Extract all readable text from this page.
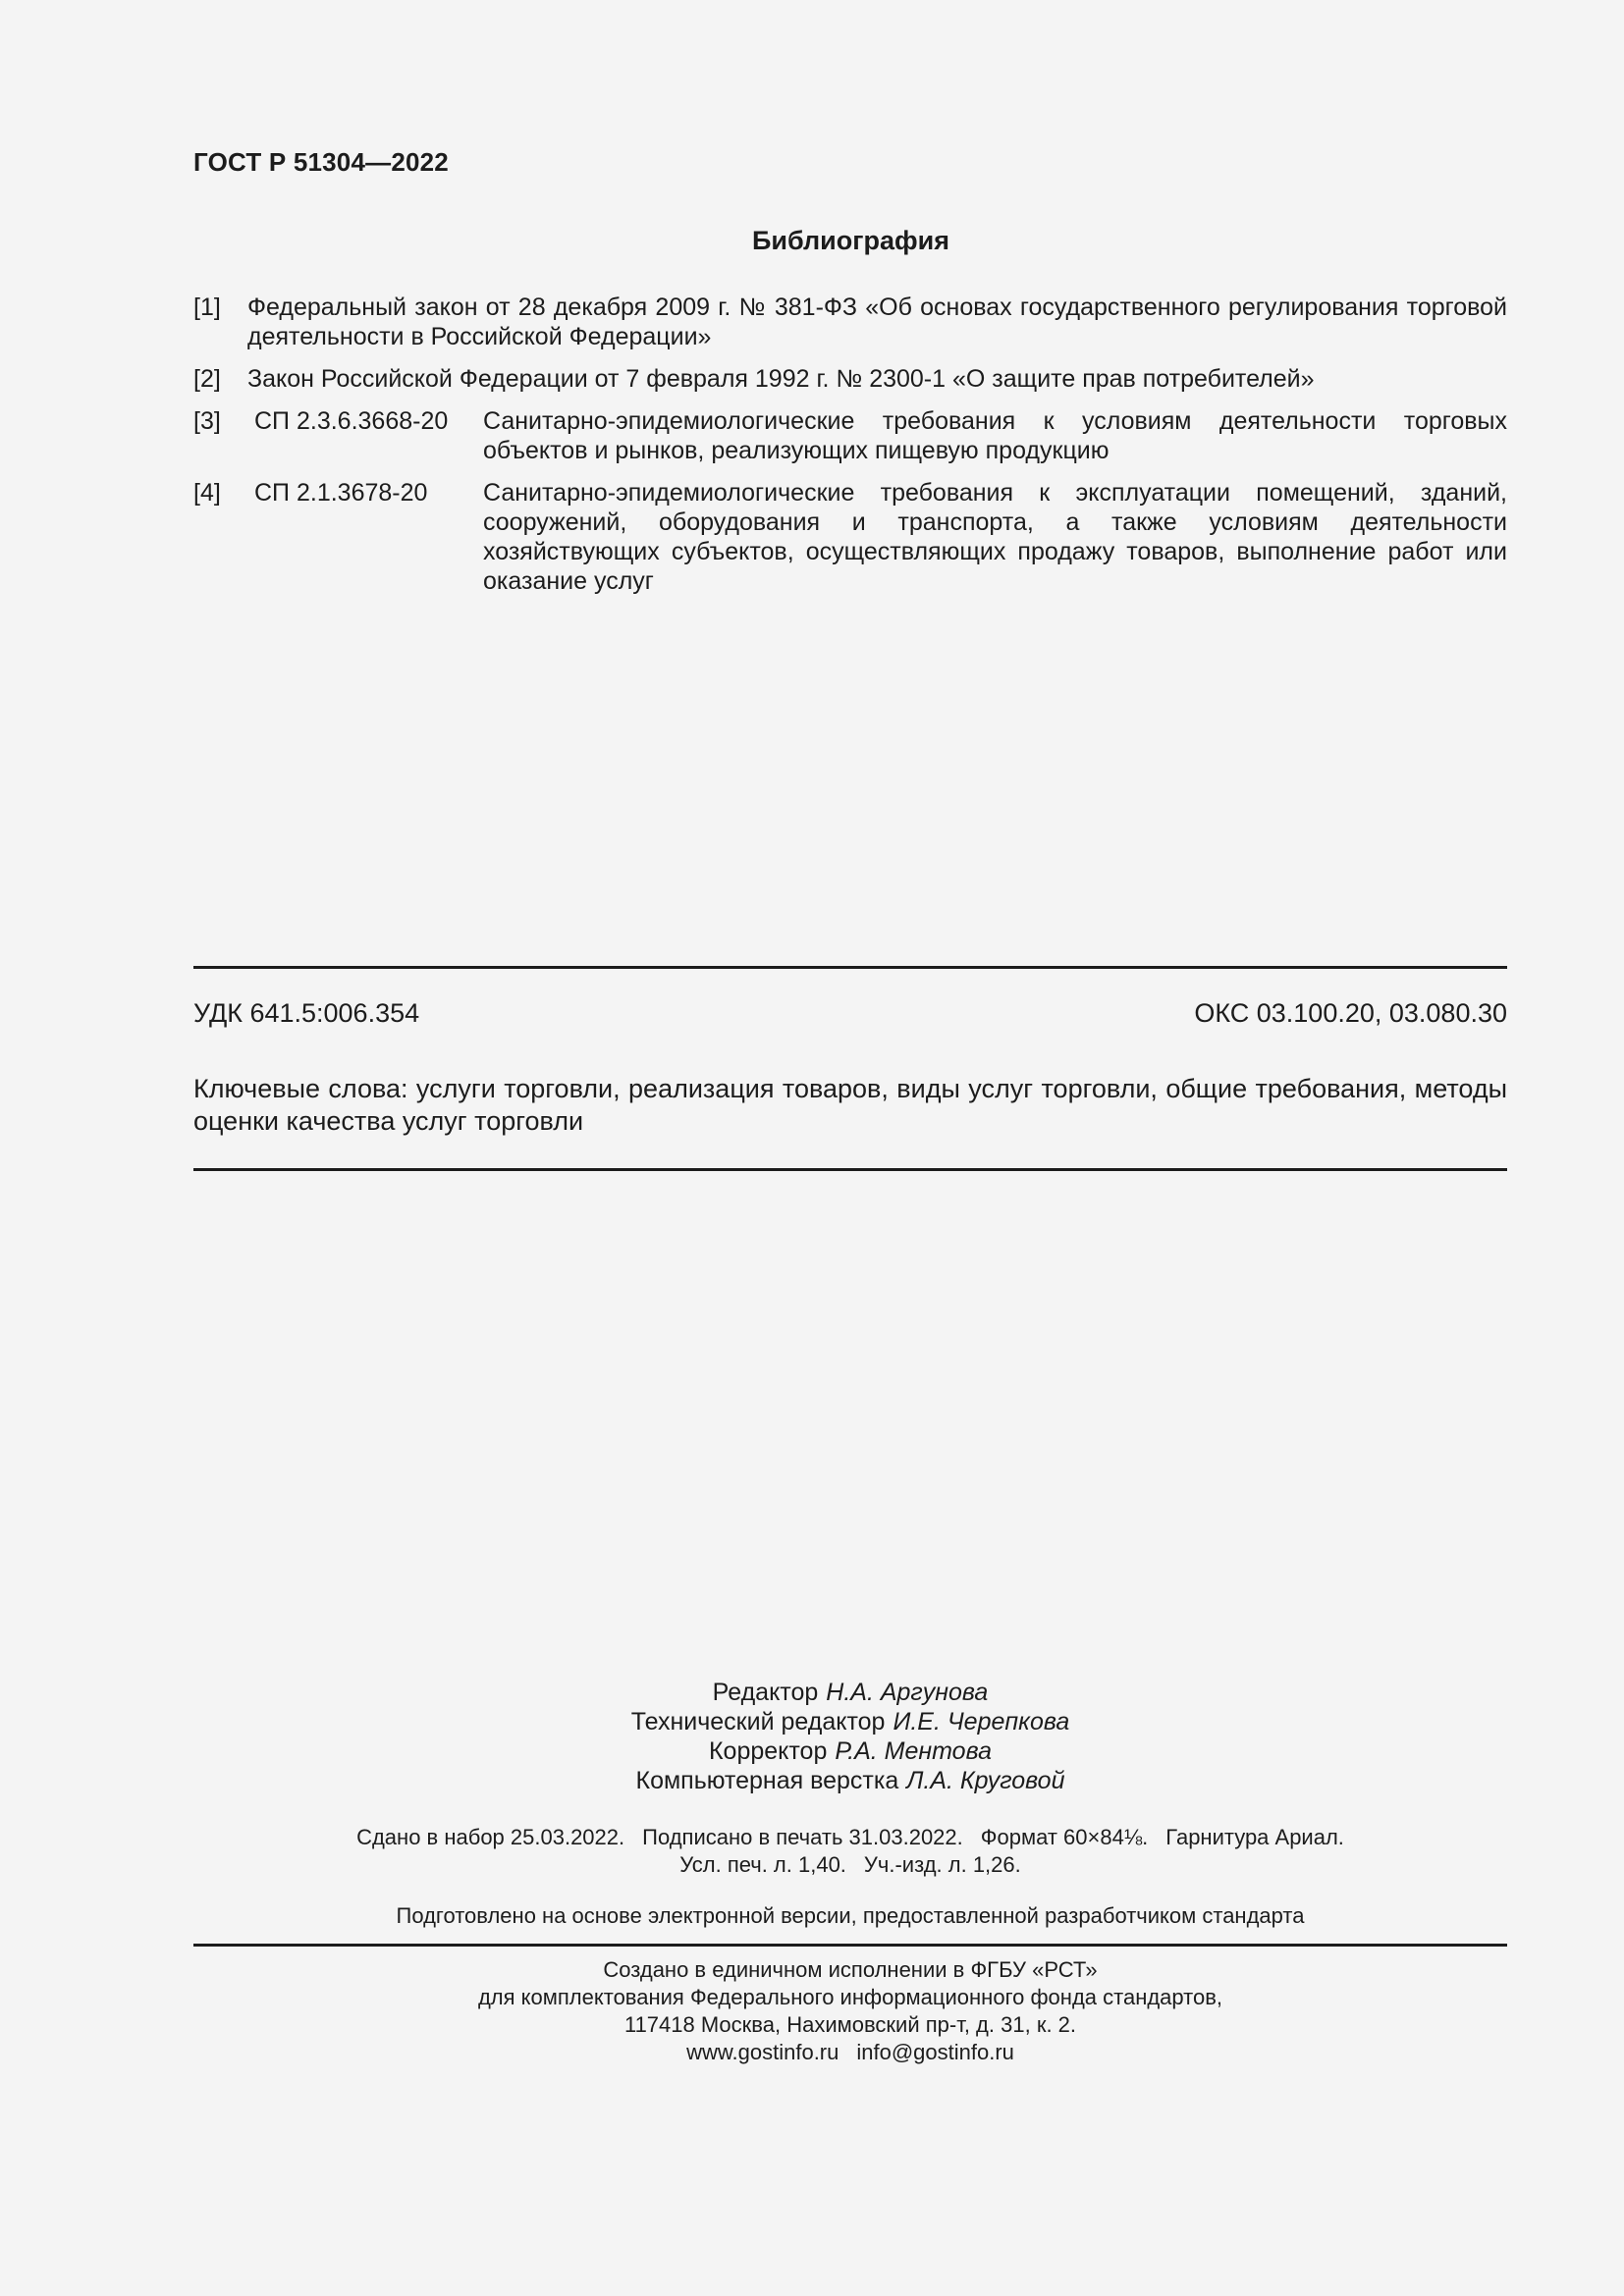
ГОСТ Р 51304—2022
Библиография
[1]	Федеральный закон от 28 декабря 2009 г. № 381-ФЗ «Об основах государственного регулирования торговой деятельности в Российской Федерации»
[2]	Закон Российской Федерации от 7 февраля 1992 г. № 2300-1 «О защите прав потребителей»
[3]	СП 2.3.6.3668-20	Санитарно-эпидемиологические требования к условиям деятельности торговых объектов и рынков, реализующих пищевую продукцию
[4]	СП 2.1.3678-20	Санитарно-эпидемиологические требования к эксплуатации помещений, зданий, сооружений, оборудования и транспорта, а также условиям деятельности хозяйствующих субъектов, осуществляющих продажу товаров, выполнение работ или оказание услуг
УДК 641.5:006.354	ОКС 03.100.20, 03.080.30
Ключевые слова: услуги торговли, реализация товаров, виды услуг торговли, общие требования, методы оценки качества услуг торговли
Редактор Н.А. Аргунова
Технический редактор И.Е. Черепкова
Корректор Р.А. Ментова
Компьютерная верстка Л.А. Круговой
Сдано в набор 25.03.2022. Подписано в печать 31.03.2022. Формат 60×84⅛. Гарнитура Ариал.
Усл. печ. л. 1,40. Уч.-изд. л. 1,26.
Подготовлено на основе электронной версии, предоставленной разработчиком стандарта
Создано в единичном исполнении в ФГБУ «РСТ»
для комплектования Федерального информационного фонда стандартов,
117418 Москва, Нахимовский пр-т, д. 31, к. 2.
www.gostinfo.ru info@gostinfo.ru
